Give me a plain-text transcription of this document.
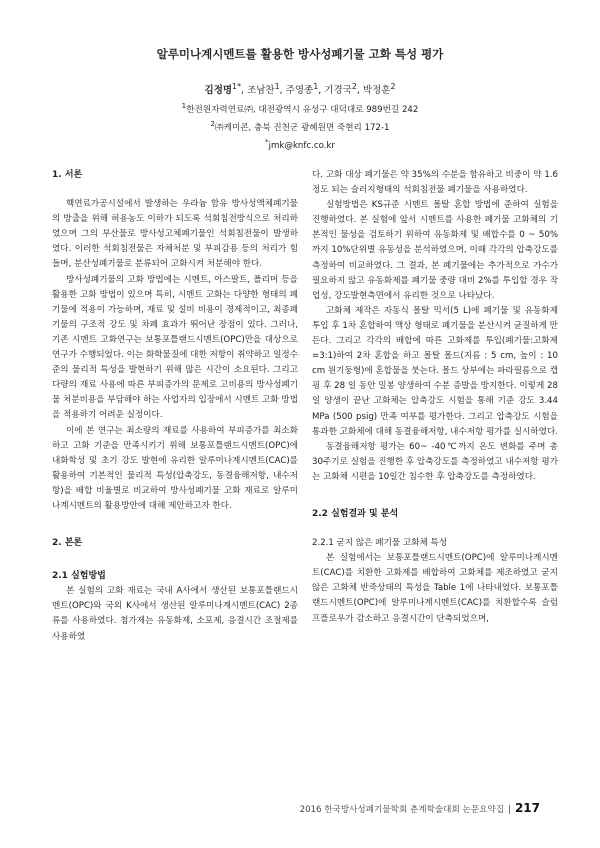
알루미나계시멘트를 활용한 방사성폐기물 고화 특성 평가
김정명$^{1*}$, 조남찬$^1$, 주영종$^1$, 기경국$^2$, 박정훈$^2$
$^1$한전원자력연료㈜, 대전광역시 유성구 대덕대로 989번길 242
$^2$㈜케미콘, 충북 진천군 광혜원면 죽현리 172-1
*jmk@knfc.co.kr

1. 서론

핵연료가공시설에서 발생하는 우라늄 함유 방사성액체폐기물의 방출을 위해 허용농도 이하가 되도록 석회침전방식으로 처리하였으며 그의 부산물로 방사성고체폐기물인 석회침전물이 발생하였다. 이러한 석회침전물은 자체처분 및 부피감용 등의 처리가 힘들며, 분산성폐기물로 분류되어 고화시켜 처분해야 한다.

방사성폐기물의 고화 방법에는 시멘트, 아스팔트, 폴리머 등을 활용한 고화 방법이 있으며 특히, 시멘트 고화는 다양한 형태의 폐기물에 적용이 가능하며, 재료 및 설비 비용이 경제적이고, 최종폐기물의 구조적 강도 및 차폐 효과가 뛰어난 장점이 있다. 그러나, 기존 시멘트 고화연구는 보통포틀랜드시멘트(OPC)만을 대상으로 연구가 수행되었다. 이는 화학물질에 대한 저항이 취약하고 일정수준의 물리적 특성을 발현하기 위해 많은 시간이 소요된다. 그리고 다량의 재료 사용에 따른 부피증가의 문제로 고비용의 방사성폐기물 처분비용을 부담해야 하는 사업자의 입장에서 시멘트 고화 방법을 적용하기 어려운 실정이다.

이에 본 연구는 최소량의 재료를 사용하여 부피증가를 최소화하고 고화 기준을 만족시키기 위해 보통포틀랜드시멘트(OPC)에 내화학성 및 초기 강도 발현에 유리한 알루미나계시멘트(CAC)를 활용하여 기본적인 물리적 특성(압축강도, 동결융해저항, 내수저항)을 배합 비율별로 비교하여 방사성폐기물 고화 재료로 알루미나계시멘트의 활용방안에 대해 제안하고자 한다.

2. 본론

2.1 실험방법

본 실험의 고화 재료는 국내 A사에서 생산된 보통포틀랜드시멘트(OPC)와 국외 K사에서 생산된 알루미나계시멘트(CAC) 2종류를 사용하였다. 첨가제는 유동화제, 소포제, 응결시간 조절제를 사용하였

다. 고화 대상 폐기물은 약 35%의 수분을 함유하고 비중이 약 1.6정도 되는 슬러지형태의 석회침전물 폐기물을 사용하였다.

실험방법은 KS규준 시멘트 몰탈 혼합 방법에 준하여 실험을 진행하였다. 본 실험에 앞서 시멘트를 사용한 폐기물 고화체의 기본적인 물성을 검토하기 위하여 유동화제 및 배합수를 0 ~ 50%까지 10%단위별 유동성을 분석하였으며, 이때 각각의 압축강도를 측정하여 비교하였다. 그 결과, 본 폐기물에는 추가적으로 가수가 필요하지 않고 유동화제를 폐기물 중량 대비 2%를 투입할 경우 작업성, 강도발현측면에서 유리한 것으로 나타났다.

고화체 제작은 자동식 몰탈 믹서(5 L)에 폐기물 및 유동화제 투입 후 1차 혼합하여 액상 형태로 폐기물을 분산시켜 균질하게 만든다. 그리고 각각의 배합에 따른 고화제를 투입(폐기물:고화제=3:1)하여 2차 혼합을 하고 몰탈 몰드(지름 : 5 cm, 높이 : 10 cm 원기둥형)에 혼합물을 붓는다. 몰드 상부에는 파라필름으로 캡핑 후 28 일 동안 밀봉 양생하여 수분 증발을 방지한다. 이렇게 28 일 양생이 끝난 고화체는 압축강도 시험을 통해 기준 강도 3.44 MPa (500 psig) 만족 여부를 평가한다. 그리고 압축강도 시험을 통과한 고화체에 대해 동결융해저항, 내수저항 평가를 실시하였다.

동결융해저항 평가는 60~ -40℃까지 온도 변화를 주며 총 30주기로 실험을 진행한 후 압축강도를 측정하였고 내수저항 평가는 고화체 시편을 10일간 침수한 후 압축강도를 측정하였다.

2.2 실험결과 및 분석

2.2.1 굳지 않은 폐기물 고화체 특성

본 실험에서는 보통포틀랜드시멘트(OPC)에 알루미나계시멘트(CAC)를 치환한 고화제를 배합하여 고화체를 제조하였고 굳지 않은 고화체 반죽상태의 특성을 Table 1에 나타내었다. 보통포틀랜드시멘트(OPC)에 알루미나계시멘트(CAC)를 치환할수록 슬럼프플로우가 감소하고 응결시간이 단축되었으며,

2016 한국방사성폐기물학회 춘계학술대회 논문요약집 | 217
